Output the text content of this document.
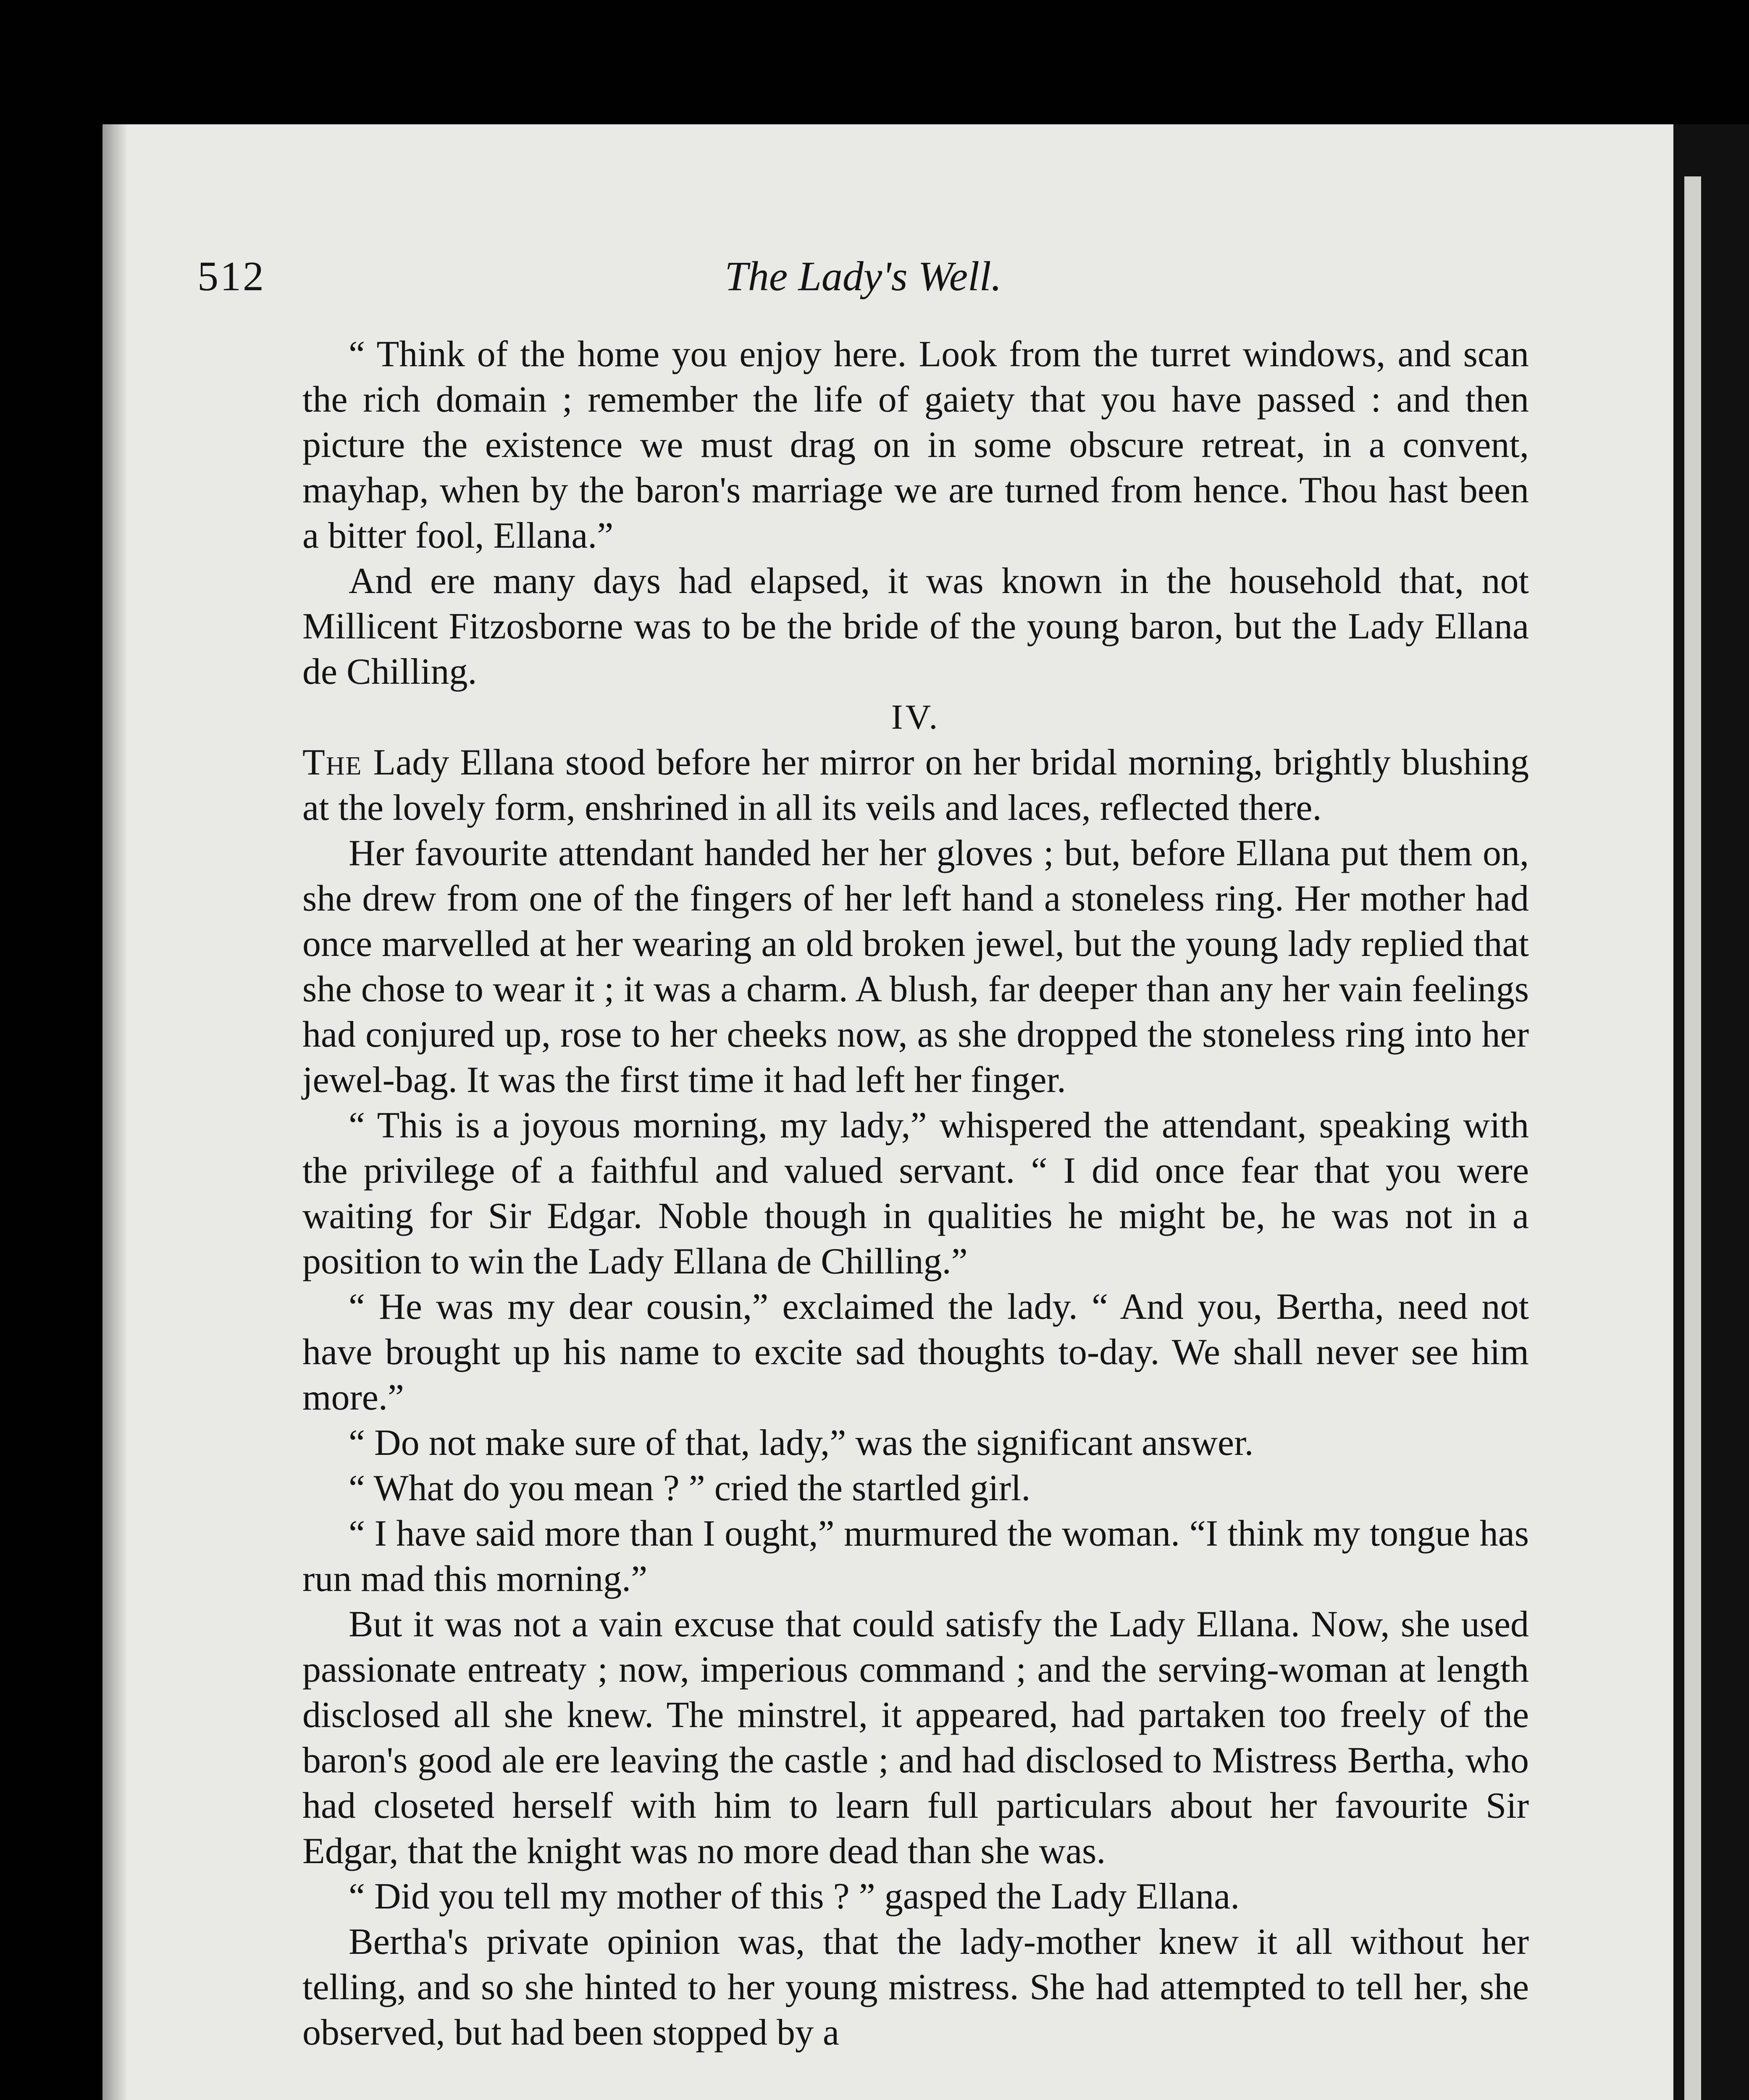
512	The Lady's Well.

“ Think of the home you enjoy here. Look from the turret windows, and scan the rich domain ; remember the life of gaiety that you have passed : and then picture the existence we must drag on in some obscure retreat, in a convent, mayhap, when by the baron's marriage we are turned from hence. Thou hast been a bitter fool, Ellana.”

And ere many days had elapsed, it was known in the household that, not Millicent Fitzosborne was to be the bride of the young baron, but the Lady Ellana de Chilling.

IV.

The Lady Ellana stood before her mirror on her bridal morning, brightly blushing at the lovely form, enshrined in all its veils and laces, reflected there.

Her favourite attendant handed her her gloves ; but, before Ellana put them on, she drew from one of the fingers of her left hand a stoneless ring. Her mother had once marvelled at her wearing an old broken jewel, but the young lady replied that she chose to wear it ; it was a charm. A blush, far deeper than any her vain feelings had conjured up, rose to her cheeks now, as she dropped the stoneless ring into her jewel-bag. It was the first time it had left her finger.

“ This is a joyous morning, my lady,” whispered the attendant, speaking with the privilege of a faithful and valued servant. “ I did once fear that you were waiting for Sir Edgar. Noble though in qualities he might be, he was not in a position to win the Lady Ellana de Chilling.”

“ He was my dear cousin,” exclaimed the lady. “ And you, Bertha, need not have brought up his name to excite sad thoughts to-day. We shall never see him more.”

“ Do not make sure of that, lady,” was the significant answer.

“ What do you mean ? ” cried the startled girl.

“ I have said more than I ought,” murmured the woman. “I think my tongue has run mad this morning.”

But it was not a vain excuse that could satisfy the Lady Ellana. Now, she used passionate entreaty ; now, imperious command ; and the serving-woman at length disclosed all she knew. The minstrel, it appeared, had partaken too freely of the baron's good ale ere leaving the castle ; and had disclosed to Mistress Bertha, who had closeted herself with him to learn full particulars about her favourite Sir Edgar, that the knight was no more dead than she was.

“ Did you tell my mother of this ? ” gasped the Lady Ellana.

Bertha's private opinion was, that the lady-mother knew it all without her telling, and so she hinted to her young mistress. She had attempted to tell her, she observed, but had been stopped by a
